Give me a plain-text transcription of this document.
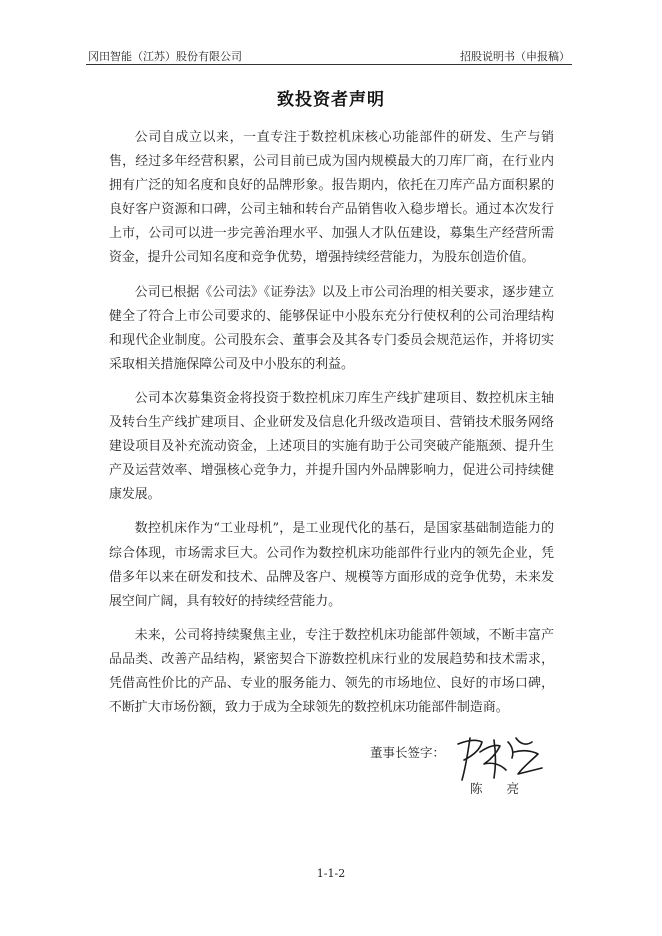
冈田智能（江苏）股份有限公司	招股说明书（申报稿）
致投资者声明

公司自成立以来，一直专注于数控机床核心功能部件的研发、生产与销售，经过多年经营积累，公司目前已成为国内规模最大的刀库厂商，在行业内拥有广泛的知名度和良好的品牌形象。报告期内，依托在刀库产品方面积累的良好客户资源和口碑，公司主轴和转台产品销售收入稳步增长。通过本次发行上市，公司可以进一步完善治理水平、加强人才队伍建设，募集生产经营所需资金，提升公司知名度和竞争优势，增强持续经营能力，为股东创造价值。

公司已根据《公司法》《证券法》以及上市公司治理的相关要求，逐步建立健全了符合上市公司要求的、能够保证中小股东充分行使权利的公司治理结构和现代企业制度。公司股东会、董事会及其各专门委员会规范运作，并将切实采取相关措施保障公司及中小股东的利益。

公司本次募集资金将投资于数控机床刀库生产线扩建项目、数控机床主轴及转台生产线扩建项目、企业研发及信息化升级改造项目、营销技术服务网络建设项目及补充流动资金，上述项目的实施有助于公司突破产能瓶颈、提升生产及运营效率、增强核心竞争力，并提升国内外品牌影响力，促进公司持续健康发展。

数控机床作为“工业母机”，是工业现代化的基石，是国家基础制造能力的综合体现，市场需求巨大。公司作为数控机床功能部件行业内的领先企业，凭借多年以来在研发和技术、品牌及客户、规模等方面形成的竞争优势，未来发展空间广阔，具有较好的持续经营能力。

未来，公司将持续聚焦主业，专注于数控机床功能部件领域，不断丰富产品品类、改善产品结构，紧密契合下游数控机床行业的发展趋势和技术需求，凭借高性价比的产品、专业的服务能力、领先的市场地位、良好的市场口碑，不断扩大市场份额，致力于成为全球领先的数控机床功能部件制造商。

董事长签字：
陈 亮
1-1-2
